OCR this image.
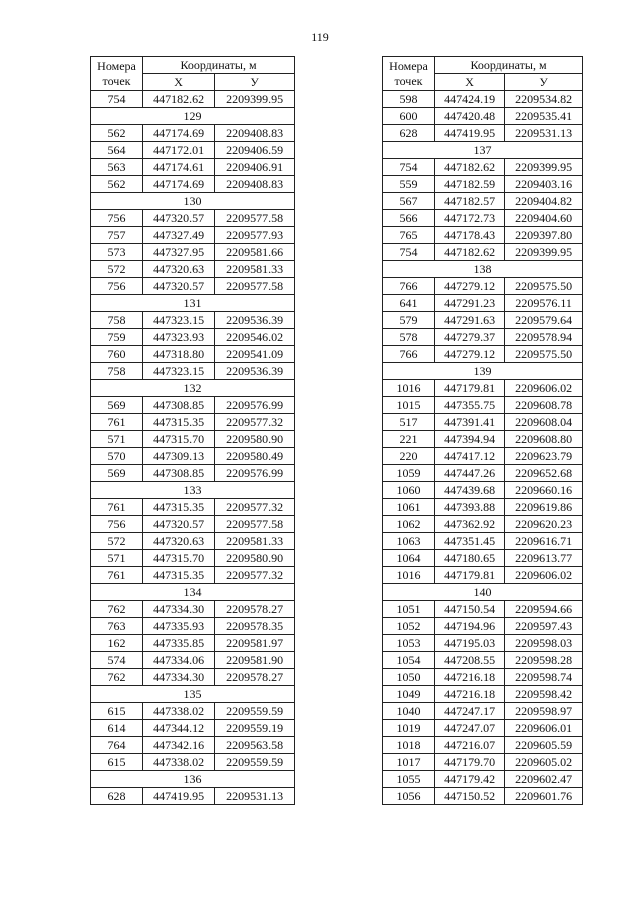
119
Номера точек	Координаты, м	
	X	У
754	447182.62	2209399.95
129		
562	447174.69	2209408.83
564	447172.01	2209406.59
563	447174.61	2209406.91
562	447174.69	2209408.83
130		
756	447320.57	2209577.58
757	447327.49	2209577.93
573	447327.95	2209581.66
572	447320.63	2209581.33
756	447320.57	2209577.58
131		
758	447323.15	2209536.39
759	447323.93	2209546.02
760	447318.80	2209541.09
758	447323.15	2209536.39
132		
569	447308.85	2209576.99
761	447315.35	2209577.32
571	447315.70	2209580.90
570	447309.13	2209580.49
569	447308.85	2209576.99
133		
761	447315.35	2209577.32
756	447320.57	2209577.58
572	447320.63	2209581.33
571	447315.70	2209580.90
761	447315.35	2209577.32
134		
762	447334.30	2209578.27
763	447335.93	2209578.35
162	447335.85	2209581.97
574	447334.06	2209581.90
762	447334.30	2209578.27
135		
615	447338.02	2209559.59
614	447344.12	2209559.19
764	447342.16	2209563.58
615	447338.02	2209559.59
136		
628	447419.95	2209531.13
Номера точек	Координаты, м	
	X	У
598	447424.19	2209534.82
600	447420.48	2209535.41
628	447419.95	2209531.13
137		
754	447182.62	2209399.95
559	447182.59	2209403.16
567	447182.57	2209404.82
566	447172.73	2209404.60
765	447178.43	2209397.80
754	447182.62	2209399.95
138		
766	447279.12	2209575.50
641	447291.23	2209576.11
579	447291.63	2209579.64
578	447279.37	2209578.94
766	447279.12	2209575.50
139		
1016	447179.81	2209606.02
1015	447355.75	2209608.78
517	447391.41	2209608.04
221	447394.94	2209608.80
220	447417.12	2209623.79
1059	447447.26	2209652.68
1060	447439.68	2209660.16
1061	447393.88	2209619.86
1062	447362.92	2209620.23
1063	447351.45	2209616.71
1064	447180.65	2209613.77
1016	447179.81	2209606.02
140		
1051	447150.54	2209594.66
1052	447194.96	2209597.43
1053	447195.03	2209598.03
1054	447208.55	2209598.28
1050	447216.18	2209598.74
1049	447216.18	2209598.42
1040	447247.17	2209598.97
1019	447247.07	2209606.01
1018	447216.07	2209605.59
1017	447179.70	2209605.02
1055	447179.42	2209602.47
1056	447150.52	2209601.76
